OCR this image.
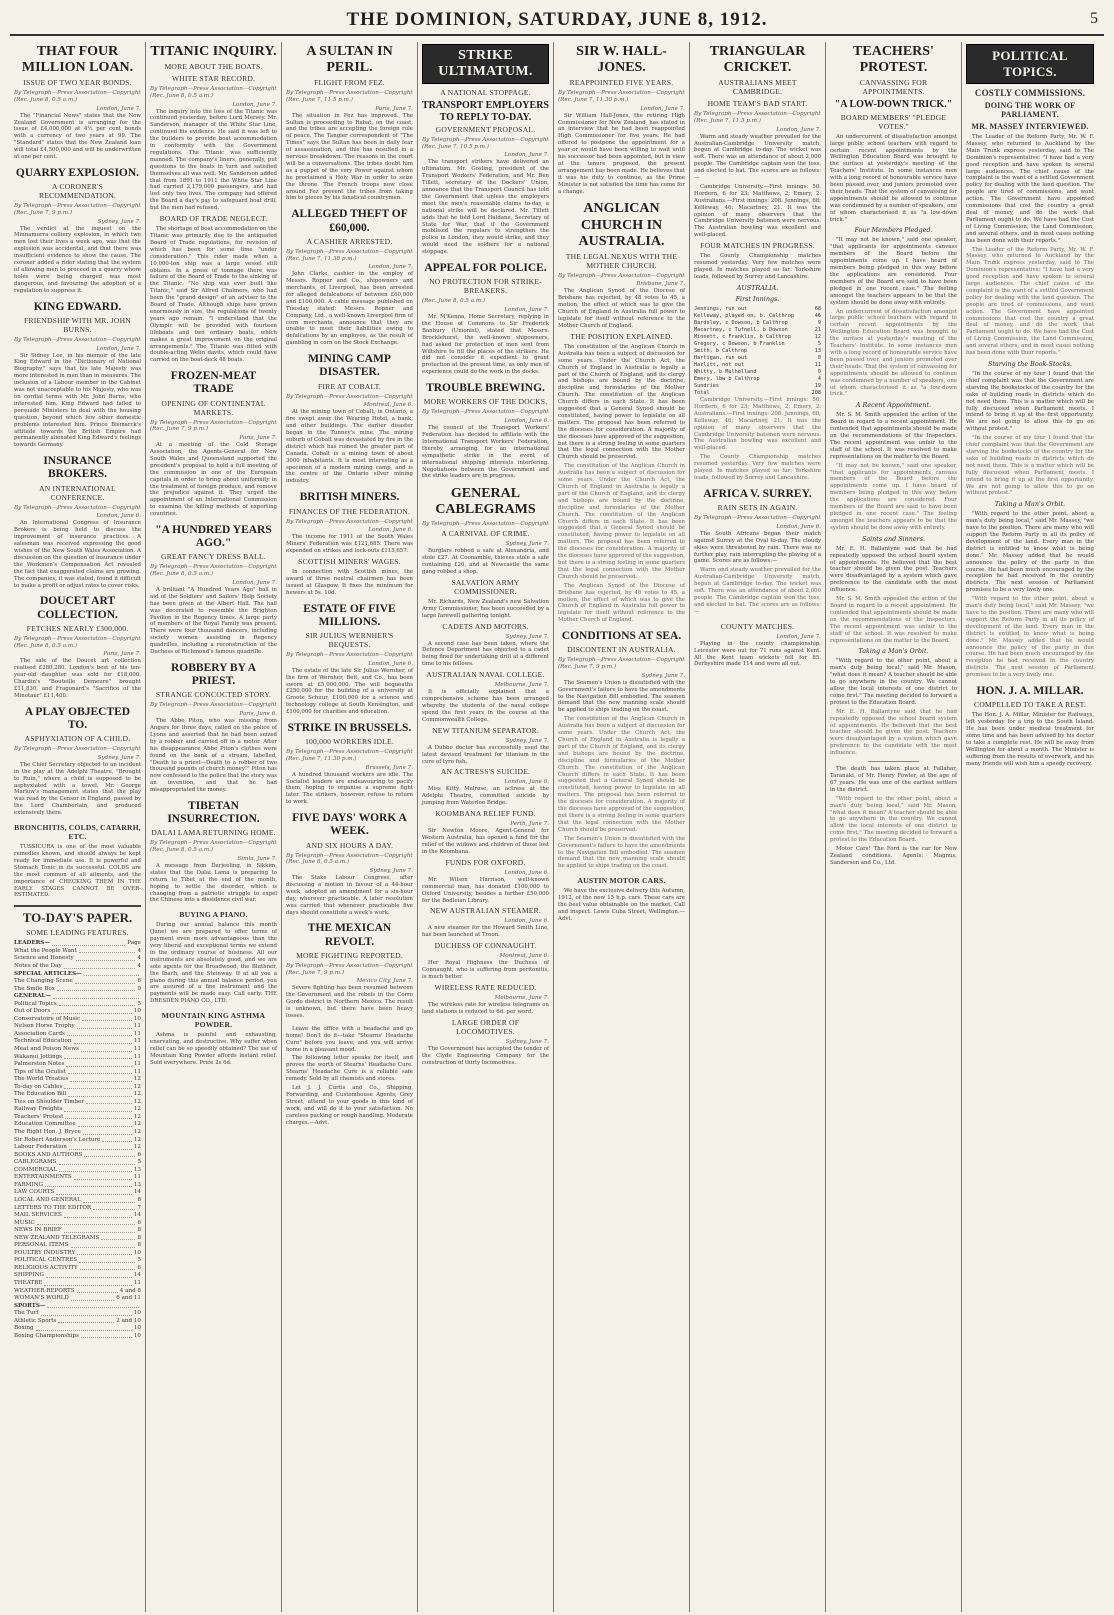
THE DOMINION, SATURDAY, JUNE 8, 1912.	5
THAT FOUR MILLION LOAN.
ISSUE OF TWO YEAR BONDS.
By Telegraph—Press Association—Copyright (Rec. June 8, 0.5 a.m.)
London, June 7.

The "Financial News" states that the New Zealand Government is arranging for the issue of £4,000,000 at 4½ per cent bonds with a currency of two years at 99. The "Standard" states that the New Zealand loan will total £4,500,000 and will be underwritten at one per cent.

QUARRY EXPLOSION.
A CORONER'S RECOMMENDATION.
By Telegraph—Press Association—Copyright (Rec. June 7, 9 p.m.)
Sydney, June 7.

The verdict at the inquest on the Minnamurra colliery explosion, in which two men lost their lives a week ago, was that the explosion was accidental, and that there was insufficient evidence to show the cause. The coroner added a rider stating that the system of allowing men to proceed in a quarry where holes were being charged was most dangerous, and favouring the adoption of a regulation to suppress it.

KING EDWARD.
FRIENDSHIP WITH MR. JOHN BURNS.
By Telegraph—Press Association—Copyright
London, June 7.

Sir Sidney Lee, in his memoir of the late King Edward in the "Dictionary of National Biography," says that his late Majesty was more interested in men than in measures. The inclusion of a Labour member in the Cabinet was not unacceptable to his Majesty, who was on cordial terms with Mr. John Burns, who interested him. King Edward had failed to persuade Ministers to deal with the housing question, beyond which few other domestic problems interested him. Prince Bismarck's attitude towards the British Empire had permanently alienated King Edward's feelings towards Germany.

INSURANCE BROKERS.
AN INTERNATIONAL CONFERENCE.
By Telegraph—Press Association—Copyright
London, June 6.

An International Congress of Insurance Brokers is being held to discuss the improvement of insurance practices. A salesman was received expressing the good wishes of the New South Wales Association. A discussion on the question of insurance under the Workmen's Compensation Act revealed the fact that exaggerated claims are growing. The companies, it was stated, found it difficult to make a profit or adjust rates to cover risks.

DOUCET ART COLLECTION.
FETCHES NEARLY £300,000.
By Telegraph—Press Association—Copyright (Rec. June 8, 0.5 a.m.)
Paris, June 7.

The sale of the Doucet art collection realised £280,280. London's best of his ten-year-old daughter was sold for £18,000. Chardin's "Bouteille Demeure" brought £11,830, and Fragonard's "Sacrifice of the Minotaur" £11,400.

A PLAY OBJECTED TO.
ASPHYXIATION OF A CHILD.
By Telegraph—Press Association—Copyright
Sydney, June 7.

The Chief Secretary objected to an incident in the play at the Adelphi Theatre, "Brought to Ruin," where a child is supposed to be asphyxiated with a towel. Mr. George Marlow's management states that the play was read by the Censor in England, passed by the Lord Chamberlain, and produced extensively there.

BRONCHITIS, COLDS, CATARRH, ETC.

TUSSICURA is one of the most valuable remedies known, and should always be kept ready for immediate use. It is powerful and Stomach Tonic in its successful. COLDS are the most common of all ailments, and the importance of CHECKING THEM IN THE EARLY STAGES CANNOT BE OVER-ESTIMATED.

TO-DAY'S PAPER.
SOME LEADING FEATURES.
LEADERS—	Page
What the People Want	4
Science and Honesty	4
Notes of the Day	4
SPECIAL ARTICLES—
The Changing Scene	6
The Smile Box	9
GENERAL—
Political Topics	5
Out of Doors	10
Conservatoire of Music	10
Nelson Horse Trophy	11
Association Cards	11
Technical Education	11
Meat and Poison News	11
Wakanui Jottings	11
Palmerston Notes	11
Tips of the Oculist	11
The World Treaties	12
To-day on Cables	12
The Education Bill	12
Ties on Shoulder Timber	12
Railway Freights	12
Teachers' Protest	12
Education Committee	12
The Right Hon. J. Bryce	12
Sir Robert Anderson's Lecture	12
Labour Federation	12
BOOKS AND AUTHORS	6
CABLEGRAMS	5
COMMERCIAL	13
ENTERTAINMENTS	11
FARMING	13
LAW COURTS	14
LOCAL AND GENERAL	8
LETTERS TO THE EDITOR	7
MAIL SERVICES	14
MUSIC	6
NEWS IN BRIEF	8
NEW ZEALAND TELEGRAMS	8
PERSONAL ITEMS	8
POULTRY INDUSTRY	10
POLITICAL CENTRES	5
RELIGIOUS ACTIVITY	6
SHIPPING	14
THEATRE	11
WEATHER REPORTS	4 and 8
WOMAN'S WORLD	6 and 11
SPORTS—
The Turf	10
Athletic Sports	2 and 10
Boxing	10
Boxing Championships	10
TITANIC INQUIRY.
MORE ABOUT THE BOATS.
WHITE STAR RECORD.
By Telegraph—Press Association—Copyright (Rec. June 8, 0.5 a.m.)
London, June 7.

The inquiry into the loss of the Titanic was continued yesterday, before Lord Mersey. Mr. Sanderson, manager of the White Star Line, continued his evidence. He said it was left to the builders to provide boat accommodation in conformity with the Government regulations. The Titanic was sufficiently manned. The company's liners, generally, put questions to the boats in turn and satisfied themselves all was well. Mr. Sanderson added that from 1891 to 1911 the White Star Line had carried 2,179,000 passengers, and had lost only two lives. The company had offered the Board a day's pay to safeguard boat drill, but the men had refused.

BOARD OF TRADE NEGLECT.

The shortage of boat accommodation on the Titanic was primarily due to the antiquated Board of Trade regulations, for revision of which has been for some time "under consideration." This rider made when a 10,000-ton ship was a large vessel still obtains. In a press of tonnage there was failure of the Board of Trade to the sinking of the Titanic. "No ship was ever built like Titanic," said Sir Alfred Chalmers, who had been the "grand design" of an adviser to the Board of Trade. Although ships have grown enormously in size, the regulations of twenty years ago remain. "I understand that the Olympic will be provided with fourteen lifeboats and two ordinary boats, which makes a great improvement on the original arrangements." The Titanic was fitted with double-acting Welin davits, which could have carried on the boat-deck 48 boats.

FROZEN-MEAT TRADE
OPENING OF CONTINENTAL MARKETS.
By Telegraph—Press Association—Copyright (Rec. June 7, 9 p.m.)
Paris, June 7.

At a meeting of the Cold Storage Association, the Agents-General for New South Wales and Queensland supported the president's proposal to hold a full meeting of the commission in one of the European capitals in order to bring about uniformity in the treatment of foreign produce, and remove the prejudice against it. They urged the appointment of an International Commission to examine the killing methods of exporting countries.

"A HUNDRED YEARS AGO."
GREAT FANCY DRESS BALL.
By Telegraph—Press Association—Copyright (Rec. June 8, 0.5 a.m.)
London, June 7.

A brilliant "A Hundred Years Ago" ball in aid of the Soldiers' and Sailors' Help Society has been given at the Albert Hall. The hall was decorated to resemble the Brighton Pavilion in the Regency times. A large party of members of the Royal Family was present. There were four thousand dancers, including society women assisting in Regency quadrilles, including a reconstruction of the Duchess of Richmond's famous quadrille.

ROBBERY BY A PRIEST.
STRANGE CONCOCTED STORY.
By Telegraph—Press Association—Copyright
Paris, June 6.

The Abbe Piton, who was missing from Angers for three days, called on the police of Lyons and asserted that he had been seized by a robber and carried off in a motor. After his disappearance Abbe Piton's clothes were found on the bank of a stream, labelled, "Death to a priest—Death to a robber of two thousand pounds of church money!" Piton has now confessed to the police that the story was an invention, and that he had misappropriated the money.

TIBETAN INSURRECTION.
DALAI LAMA RETURNING HOME.
By Telegraph—Press Association—Copyright (Rec. June 8, 0.5 a.m.)
Simla, June 7.

A message from Darjeeling, in Sikkim, states that the Dalai Lama is preparing to return to Tibet at the end of the month, hoping to settle the disorder, which is changing from a patriotic struggle to expel the Chinese into a dissidence civil war.

BUYING A PIANO.

During our annual balance this month (June) we are prepared to offer terms of payment even more advantageous than the very liberal and exceptional terms we extend in the ordinary course of business. All our instruments are absolutely good, and we are sole agents for the Broadwood, the Bluthner, the Ibach, and the Steinway. If at all you a piano during this annual balance period, you are assured of a fine instrument and the payments will be made easy. Call early. THE DRESDEN PIANO CO., LTD.

MOUNTAIN KING ASTHMA POWDER.

Ashma is painful and exhausting, enervating, and destructive. Why suffer when relief can be so speedily obtained? The use of Mountain King Powder affords instant relief. Sold everywhere. Price 2s 6d.

A SULTAN IN PERIL.
FLIGHT FROM FEZ.
By Telegraph—Press Association—Copyright (Rec. June 7, 11.5 p.m.)
Paris, June 7.

The situation in Fez has improved. The Sultan is proceeding to Rabat, on the coast, and the tribes are accepting the foreign rule of peace. The Tangier correspondent of "The Times" says the Sultan has been in daily fear of assassination, and this has resulted in a nervous breakdown. The reasons in the court will be a conversations. The tribes doubt him as a puppet of the very Power against whom he proclaimed a Holy War in order to seize the throne. The French troops now close around Fez prevent the tribes from taking him to pieces by his fanatical countrymen.

ALLEGED THEFT OF £60,000.
A CASHIER ARRESTED.
By Telegraph—Press Association—Copyright (Rec. June 7, 11.38 p.m.)
London, June 7.

John Clarke, cashier in the employ of Messrs. Ropner and Co., shipowners and merchants, of Liverpool, has been arrested for alleged defalcations of between £60,000 and £100,000. A cable message published on Tuesday stated: Messrs. Ropner and Company, Ltd., a well-known Liverpool firm of corn merchants, announce that they are unable to meet their liabilities owing to defalcations by an employee, as the result of gambling in corn on the Stock Exchange.

MINING CAMP DISASTER.
FIRE AT COBALT.
By Telegraph—Press Association—Copyright
Montreal, June 6.

At the mining town of Cobalt, in Ontario, a fire swept away the Wearing Hotel, a bank, and other buildings. The earlier disaster began in the Tunney's mine. The mining suburb of Cobalt was devastated by fire in the district which has ruined the greater part of Canada. Cobalt is a mining town of about 3000 inhabitants. It is most interesting as a specimen of a modern mining camp, and is the centre of the Ontario silver mining industry.

BRITISH MINERS.
FINANCES OF THE FEDERATION.
By Telegraph—Press Association—Copyright
London, June 6.

The income for 1911 of the South Wales Miners' Federation was £121,685. There was expended on strikes and lock-outs £115,657.

SCOTTISH MINERS' WAGES.

In connection with Scottish mines, the award of three neutral chairmen has been issued at Glasgow. It fixes the minimum for hewers at 5s. 10d.

ESTATE OF FIVE MILLIONS.
SIR JULIUS WERNHER'S BEQUESTS.
By Telegraph—Press Association—Copyright
London, June 6.

The estate of the late Sir Julius Wernher, of the firm of Wernher, Beit, and Co., has been sworn at £5,000,000. The will bequeaths £250,000 for the building of a university at Groote Schuur, £100,000 for a science and technology college at South Kensington, and £100,000 for charities and education.

STRIKE IN BRUSSELS.
100,000 WORKERS IDLE.
By Telegraph—Press Association—Copyright (Rec. June 7, 11.30 p.m.)
Brussels, June 7.

A hundred thousand workers are idle. The Socialist leaders are endeavouring to pacify them, hoping to organise a supreme fight later. The strikers, however, refuse to return to work.

FIVE DAYS' WORK A WEEK.
AND SIX HOURS A DAY.
By Telegraph—Press Association—Copyright (Rec. June 8, 0.5 a.m.)
Sydney, June 7.

The Stake Labour Congress, after discussing a motion in favour of a 44-hour week, adopted an amendment for a six-hour day, wherever practicable. A later resolution was carried that whenever practicable five days should constitute a week's work.

THE MEXICAN REVOLT.
MORE FIGHTING REPORTED.
By Telegraph—Press Association—Copyright (Rec. June 7, 9 p.m.)
Mexico City, June 7.

Severe fighting has been resumed between the Government and the rebels in the Corro Gordo district in Northern Mexico. The result is unknown, but there have been heavy losses.

Leave the office with a headache and go home! Don't do it—take "Stearns' Headache Cure" before you leave, and you will arrive home in a pleasant mood.

The following letter speaks for itself, and proves the worth of Stearns' Headache Cure. Stearns' Headache Cure is a reliable safe remedy. Sold by all chemists and stores.

Let J. J. Curtis and Co., Shipping, Forwarding, and Customhouse Agents, Grey Street, attend to your goods in this kind of work, and will do it to your satisfaction. No careless packing or rough handling. Moderate charges.—Advt.

STRIKE ULTIMATUM.
A NATIONAL STOPPAGE.
TRANSPORT EMPLOYERS TO REPLY TO-DAY.
GOVERNMENT PROPOSAL.
By Telegraph—Press Association—Copyright (Rec. June 7, 10.5 p.m.)
London, June 7.

The transport strikers have delivered an ultimatum. Mr. Gosling, president of the Transport Workers' Federation, and Mr. Ben Tillett, secretary of the Dockers' Union, announce that the Transport Council has told the Government that unless the employers meet the men's reasonable claims to-day, a national strike will be declared. Mr. Tillett adds that he told Lord Haldane, Secretary of State for War, that if the Government mobilised the regulars to strengthen the police in London, they would strike, and they would need the soldiers for a national stoppage.

APPEAL FOR POLICE.
NO PROTECTION FOR STRIKE-BREAKERS.
(Rec. June 8, 0.5 a.m.)
London, June 7.

Mr. M'Kenna, Home Secretary, replying in the House of Commons to Sir Frederick Banbury (Unionist), stated that Messrs. Brocklehurst, the well-known shipowners, had asked for protection of men sent from Wiltshire to fill the places of the strikers. He did not consider it expedient to grant protection at the present time, as only men of experience could do the work in the docks.

TROUBLE BREWING.
MORE WORKERS OF THE DOCKS.
By Telegraph—Press Association—Copyright
London, June 6.

The council of the Transport Workers' Federation has decided to affiliate with the International Transport Workers' Federation, thereby arranging for an international sympathetic strike in the event of international shipping interests interfering. Negotiations between the Government and the strike leaders are in progress.

GENERAL CABLEGRAMS
By Telegraph—Press Association—Copyright
A CARNIVAL OF CRIME.
Sydney, June 7.

Burglars robbed a safe at Alexandria, and stole £27. At Coonamble, thieves stole a safe containing £20, and at Newcastle the same gang robbed a shop.

SALVATION ARMY COMMISSIONER.

Mr. Richards, New Zealand's new Salvation Army Commissioner, has been succeeded by a large farewell gathering tonight.

CADETS AND MOTORS.
Sydney, June 7.

A second case has been taken, where the Defence Department has objected to a cadet being fined for undertaking drill at a different time to his fellows.

AUSTRALIAN NAVAL COLLEGE.
Melbourne, June 7.

It is officially explained that a comprehensive scheme has been arranged whereby the students of the naval college spend the first years in the course at the Commonwealth College.

NEW TITANIUM SEPARATOR.
Sydney, June 7.

A Dubbo doctor has successfully used the latest devised treatment for titanium in the cure of tyro fish.

AN ACTRESS'S SUICIDE.
London, June 6.

Miss Kitty Melrose, an actress at the Adelphi Theatre, committed suicide by jumping from Waterloo Bridge.

KOOMBANA RELIEF FUND.
Perth, June 7.

Sir Newton Moore, Agent-General for Western Australia, has opened a fund for the relief of the widows and children of those lost in the Koombana.

FUNDS FOR OXFORD.
London, June 6.

Mr. Wilson Harrison, well-known commercial man, has donated £100,000 to Oxford University, besides a further £50,000 for the Bodleian Library.

NEW AUSTRALIAN STEAMER.
London, June 6.

A new steamer for the Howard Smith Line, has been launched at Troon.

DUCHESS OF CONNAUGHT.
Montreal, June 6.

Her Royal Highness the Duchess of Connaught, who is suffering from peritonitis, is much better.

WIRELESS RATE REDUCED.
Melbourne, June 7.

The wireless rate for wireless telegrams on land stations is reduced to 6d. per word.

LARGE ORDER OF LOCOMOTIVES.
Sydney, June 7.

The Government has accepted the tender of the Clyde Engineering Company for the construction of thirty locomotives.

SIR W. HALL-JONES.
REAPPOINTED FIVE YEARS.
By Telegraph—Press Association—Copyright (Rec. June 7, 11.30 p.m.)
London, June 7.

Sir William Hall-Jones, the retiring High Commissioner for New Zealand, has stated in an interview that he had been reappointed High Commissioner for five years. He had offered to postpone the appointment for a year or would have been willing to wait until his successor had been appointed, but in view of the tenure proposed, the present arrangement has been made. He believes that it was his duty to continue, as the Prime Minister is not satisfied the time has come for a change.

ANGLICAN CHURCH IN AUSTRALIA.
THE LEGAL NEXUS WITH THE MOTHER CHURCH.
By Telegraph—Press Association—Copyright
Brisbane, June 7.

The Anglican Synod of the Diocese of Brisbane has rejected, by 48 votes to 45, a motion, the effect of which was to give the Church of England in Australia full power to legislate for itself without reference to the Mother Church of England.

THE POSITION EXPLAINED.

The constitution of the Anglican Church in Australia has been a subject of discussion for some years. Under the Church Act, the Church of England in Australia is legally a part of the Church of England, and its clergy and bishops are bound by the doctrine, discipline and formularies of the Mother Church. The constitution of the Anglican Church differs in each State. It has been suggested that a General Synod should be constituted, having power to legislate on all matters. The proposal has been referred to the dioceses for consideration. A majority of the dioceses have approved of the suggestion, but there is a strong feeling in some quarters that the legal connection with the Mother Church should be preserved.

The constitution of the Anglican Church in Australia has been a subject of discussion for some years. Under the Church Act, the Church of England in Australia is legally a part of the Church of England, and its clergy and bishops are bound by the doctrine, discipline and formularies of the Mother Church. The constitution of the Anglican Church differs in each State. It has been suggested that a General Synod should be constituted, having power to legislate on all matters. The proposal has been referred to the dioceses for consideration. A majority of the dioceses have approved of the suggestion, but there is a strong feeling in some quarters that the legal connection with the Mother Church should be preserved.

The Anglican Synod of the Diocese of Brisbane has rejected, by 48 votes to 45, a motion, the effect of which was to give the Church of England in Australia full power to legislate for itself without reference to the Mother Church of England.

CONDITIONS AT SEA.
DISCONTENT IN AUSTRALIA.
By Telegraph—Press Association—Copyright (Rec. June 7, 9 p.m.)
Sydney, June 7.

The Seamen's Union is dissatisfied with the Government's failure to have the amendments to the Navigation Bill embodied. The seamen demand that the new manning scale should be applied to ships trading on the coast.

The constitution of the Anglican Church in Australia has been a subject of discussion for some years. Under the Church Act, the Church of England in Australia is legally a part of the Church of England, and its clergy and bishops are bound by the doctrine, discipline and formularies of the Mother Church. The constitution of the Anglican Church differs in each State. It has been suggested that a General Synod should be constituted, having power to legislate on all matters. The proposal has been referred to the dioceses for consideration. A majority of the dioceses have approved of the suggestion, but there is a strong feeling in some quarters that the legal connection with the Mother Church should be preserved.

The Seamen's Union is dissatisfied with the Government's failure to have the amendments to the Navigation Bill embodied. The seamen demand that the new manning scale should be applied to ships trading on the coast.

AUSTIN MOTOR CARS.

We have the exclusive delivery this Autumn, 1912, of the new 15 h.p. cars. These cars are the best value obtainable on the market. Call and inspect. Lewis Cuba Street, Wellington.—Advt.

TRIANGULAR CRICKET.
AUSTRALIANS MEET CAMBRIDGE.
HOME TEAM'S BAD START.
By Telegraph—Press Association—Copyright (Rec. June 7, 11.5 p.m.)
London, June 7.

Warm and steady weather prevailed for the Australian-Cambridge University match, begun at Cambridge to-day. The wicket was soft. There was an attendance of about 2,000 people. The Cambridge captain won the toss, and elected to bat. The scores are as follows:—

Cambridge University.—First innings: 50. Hordern, 6 for 23; Matthews, 2; Emery, 2. Australians.—First innings: 208. Jennings, 68; Kelleway, 46; Macartney, 21. It was the opinion of many observers that the Cambridge University batsmen were nervous. The Australian bowling was excellent and well-placed.

FOUR MATCHES IN PROGRESS.

The County Championship matches resumed yesterday. Very few matches were played. In matches played so far: Yorkshire leads, followed by Surrey and Lancashire.

AUSTRALIA.
First Innings.
Jennings, run out	68
Kelleway, played on, b. Calthrop	46
Bardsley, c Dowson, b Calthrop	9
Macartney, c Tufnell, b Dowson	21
Minnett, c Franklin, b Calthrop	12
Gregory, c Dowson, b Franklin	5
Smith, b Calthrop	13
Hartigan, run out	0
Hazlitt, not out	11
Whitty, b Mulholland	0
Emery, lbw b Calthrop	4
Sundries	19
Total	208

Cambridge University.—First innings: 50. Hordern, 6 for 23; Matthews, 2; Emery, 2. Australians.—First innings: 208. Jennings, 68; Kelleway, 46; Macartney, 21. It was the opinion of many observers that the Cambridge University batsmen were nervous. The Australian bowling was excellent and well-placed.

The County Championship matches resumed yesterday. Very few matches were played. In matches played so far: Yorkshire leads, followed by Surrey and Lancashire.

AFRICA V. SURREY.
RAIN SETS IN AGAIN.
By Telegraph—Press Association—Copyright
London, June 6.

The South Africans began their match against Surrey at the Oval to-day. The cloudy skies were threatened by rain. There was no further play, rain interrupting the playing of a game. Scores are as follows:—

Warm and steady weather prevailed for the Australian-Cambridge University match, begun at Cambridge to-day. The wicket was soft. There was an attendance of about 2,000 people. The Cambridge captain won the toss, and elected to bat. The scores are as follows:—

COUNTY MATCHES.
London, June 7.

Playing in the county championship, Leicester were out for 71 runs against Kent. All the Kent team wickets fell for 85. Derbyshire made 114 and were all out.

TEACHERS' PROTEST.
CANVASSING FOR APPOINTMENTS.
"A LOW-DOWN TRICK."
BOARD MEMBERS' "PLEDGE VOTES."

An undercurrent of dissatisfaction amongst large public school teachers with regard to certain recent appointments by the Wellington Education Board was brought to the surface at yesterday's meeting of the Teachers' Institute. In some instances men with a long record of honourable service have been passed over, and juniors promoted over their heads. That the system of canvassing for appointments should be allowed to continue was condemned by a number of speakers, one of whom characterised it as "a low-down trick."

Four Members Pledged.

"It may not be known," said one speaker, "that applicants for appointments canvass members of the Board before the appointments come up. I have heard of members being pledged in this way before the applications are considered. Four members of the Board are said to have been pledged in one recent case." The feeling amongst the teachers appears to be that the system should be done away with entirely.

An undercurrent of dissatisfaction amongst large public school teachers with regard to certain recent appointments by the Wellington Education Board was brought to the surface at yesterday's meeting of the Teachers' Institute. In some instances men with a long record of honourable service have been passed over, and juniors promoted over their heads. That the system of canvassing for appointments should be allowed to continue was condemned by a number of speakers, one of whom characterised it as "a low-down trick."

A Recent Appointment.

Mr. S. M. Smith appealed the action of the Board in regard to a recent appointment. He contended that appointments should be made on the recommendations of the Inspectors. The recent appointment was unfair to the staff of the school. It was resolved to make representations on the matter to the Board.

"It may not be known," said one speaker, "that applicants for appointments canvass members of the Board before the appointments come up. I have heard of members being pledged in this way before the applications are considered. Four members of the Board are said to have been pledged in one recent case." The feeling amongst the teachers appears to be that the system should be done away with entirely.

Saints and Sinners.

Mr. E. H. Ballantyne said that he had repeatedly opposed the school board system of appointments. He believed that the best teacher should be given the post. Teachers were disadvantaged by a system which gave preference to the candidate with the most influence.

Mr. S. M. Smith appealed the action of the Board in regard to a recent appointment. He contended that appointments should be made on the recommendations of the Inspectors. The recent appointment was unfair to the staff of the school. It was resolved to make representations on the matter to the Board.

Taking a Man's Orbit.

"With regard to the other point, about a man's duty being local," said Mr. Mason, "what does it mean? A teacher should be able to go anywhere in the country. We cannot allow the local interests of one district to come first." The meeting decided to forward a protest to the Education Board.

Mr. E. H. Ballantyne said that he had repeatedly opposed the school board system of appointments. He believed that the best teacher should be given the post. Teachers were disadvantaged by a system which gave preference to the candidate with the most influence.

The death has taken place at Fallahar, Taranaki, of Mr. Henry Fowler, at the age of 67 years. He was one of the earliest settlers in the district.

"With regard to the other point, about a man's duty being local," said Mr. Mason, "what does it mean? A teacher should be able to go anywhere in the country. We cannot allow the local interests of one district to come first." The meeting decided to forward a protest to the Education Board.

Motor Cars! The Ford is the car for New Zealand conditions. Agents: Magnus, Sanderson and Co., Ltd.

POLITICAL TOPICS.
COSTLY COMMISSIONS.
DOING THE WORK OF PARLIAMENT.
MR. MASSEY INTERVIEWED.

The Leader of the Reform Party, Mr. W. F. Massey, who returned to Auckland by the Main Trunk express yesterday, said to The Dominion's representative: "I have had a very good reception and have spoken to several large audiences. The chief cause of the complaint is the want of a settled Government policy for dealing with the land question. The people are tired of commissions, and want action. The Government have appointed commissions that cost the country a great deal of money, and do the work that Parliament ought to do. We have had the Cost of Living Commission, the Land Commission, and several others, and in most cases nothing has been done with their reports."

The Leader of the Reform Party, Mr. W. F. Massey, who returned to Auckland by the Main Trunk express yesterday, said to The Dominion's representative: "I have had a very good reception and have spoken to several large audiences. The chief cause of the complaint is the want of a settled Government policy for dealing with the land question. The people are tired of commissions, and want action. The Government have appointed commissions that cost the country a great deal of money, and do the work that Parliament ought to do. We have had the Cost of Living Commission, the Land Commission, and several others, and in most cases nothing has been done with their reports."

Starving the Book-Stocks.

"In the course of my tour I found that the chief complaint was that the Government are starving the bookstocks of the country for the sake of building roads in districts which do not need them. This is a matter which will be fully discussed when Parliament meets. I intend to bring it up at the first opportunity. We are not going to allow this to go on without protest."

"In the course of my tour I found that the chief complaint was that the Government are starving the bookstocks of the country for the sake of building roads in districts which do not need them. This is a matter which will be fully discussed when Parliament meets. I intend to bring it up at the first opportunity. We are not going to allow this to go on without protest."

Taking a Man's Orbit.

"With regard to the other point, about a man's duty being local," said Mr. Massey, "we have to the position. There are many who will support the Reform Party in all its policy of development of the land. Every man in the district is entitled to know what is being done." Mr. Massey added that he would announce the policy of the party in due course. He had been much encouraged by the reception he had received in the country districts. The next session of Parliament promises to be a very lively one.

"With regard to the other point, about a man's duty being local," said Mr. Massey, "we have to the position. There are many who will support the Reform Party in all its policy of development of the land. Every man in the district is entitled to know what is being done." Mr. Massey added that he would announce the policy of the party in due course. He had been much encouraged by the reception he had received in the country districts. The next session of Parliament promises to be a very lively one.

HON. J. A. MILLAR.
COMPELLED TO TAKE A REST.

The Hon. J. A. Millar, Minister for Railways, left yesterday for a trip to the South Island. He has been under medical treatment for some time and has been advised by his doctor to take a complete rest. He will be away from Wellington for about a month. The Minister is suffering from the results of overwork, and his many friends will wish him a speedy recovery.
